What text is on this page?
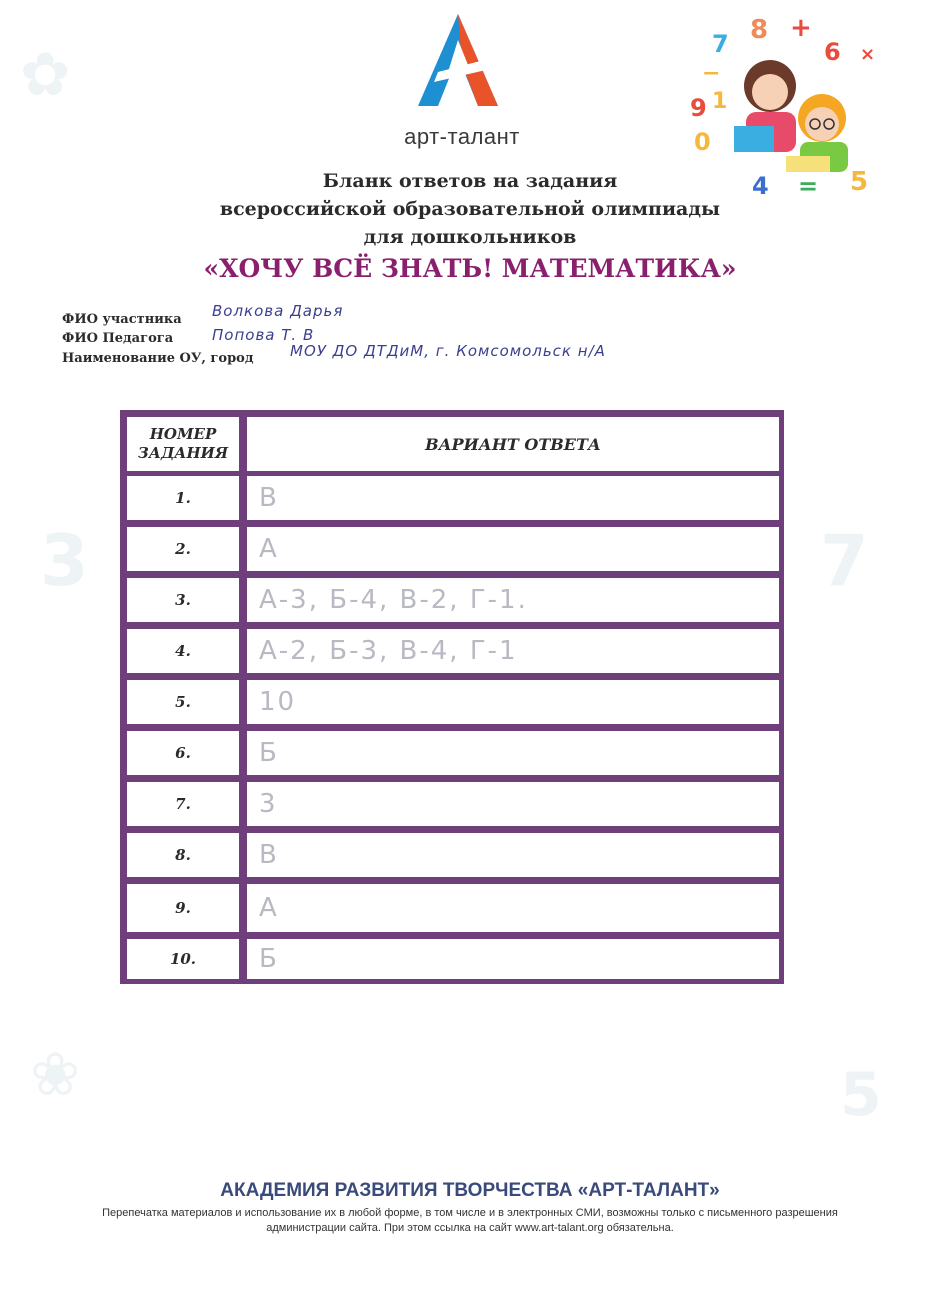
✿
3	7
❀	5
арт-талант
8 +
7	6 ×
−
9 1
0
4 = 5
Бланк ответов на задания
всероссийской образовательной олимпиады
для дошкольников
«ХОЧУ ВСЁ ЗНАТЬ! МАТЕМАТИКА»
ФИО участника Волкова Дарья
ФИО Педагога	Попова Т. В
Наименование ОУ, город МОУ ДО ДТДиМ, г. Комсомольск н/А
НОМЕР ЗАДАНИЯ	ВАРИАНТ ОТВЕТА
1.	В
2.	А
3.	А-3, Б-4, В-2, Г-1.
4.	А-2, Б-3, В-4, Г-1
5.	10
6.	Б
7.	3
8.	В
9.	А
10.	Б
АКАДЕМИЯ РАЗВИТИЯ ТВОРЧЕСТВА «АРТ-ТАЛАНТ»
Перепечатка материалов и использование их в любой форме, в том числе и в электронных СМИ, возможны только с письменного разрешения администрации сайта. При этом ссылка на сайт www.art-talant.org обязательна.
